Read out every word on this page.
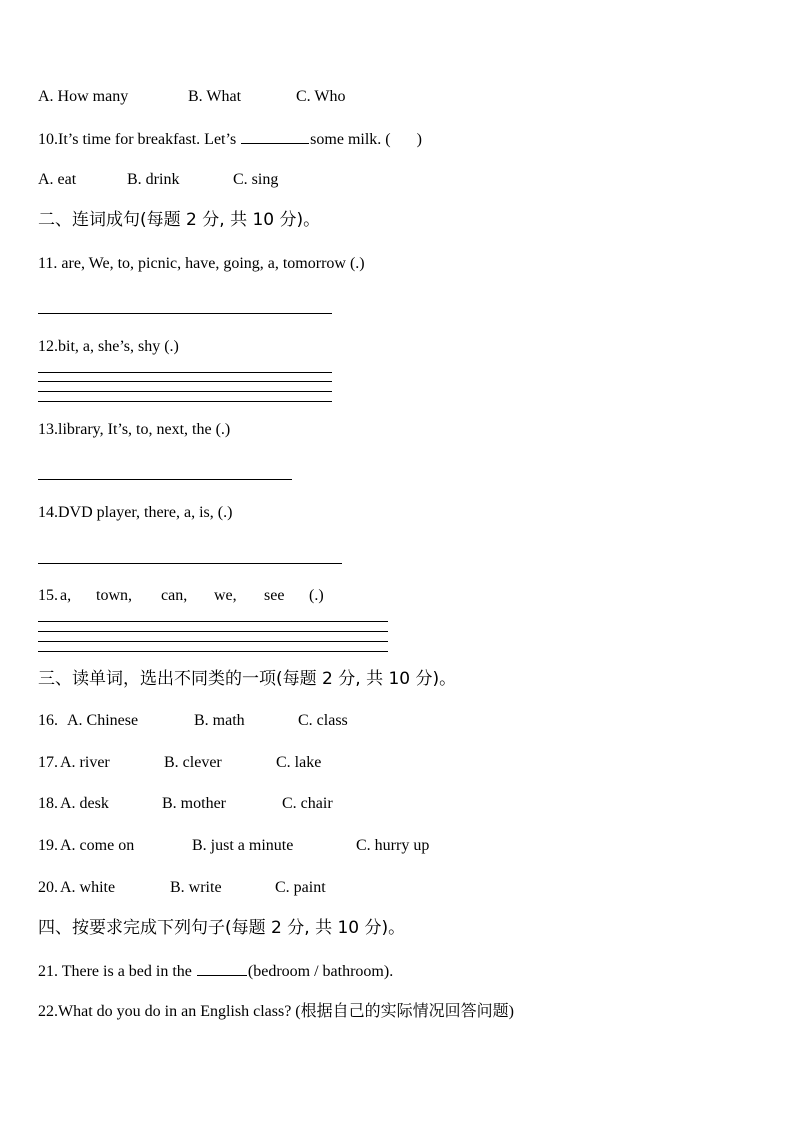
A. How many	B. What	C. Who
10.It’s time for breakfast. Let’s	some milk. ( )
A. eat	B. drink	C. sing
二、连词成句(每题 2 分, 共 10 分)。
11. are, We, to, picnic, have, going, a, tomorrow (.)
12.bit, a, she’s, shy (.)
13.library, It’s, to, next, the (.)
14.DVD player, there, a, is, (.)
15. a, town, can, we, see (.)
三、读单词，选出不同类的一项(每题 2 分, 共 10 分)。
16. A. Chinese	B. math	C. class
17. A. river	B. clever	C. lake
18. A. desk	B. mother	C. chair
19. A. come on	B. just a minute	C. hurry up
20. A. white	B. write	C. paint
四、按要求完成下列句子(每题 2 分, 共 10 分)。
21. There is a bed in the	(bedroom / bathroom).
22.What do you do in an English class? (根据自己的实际情况回答问题)
